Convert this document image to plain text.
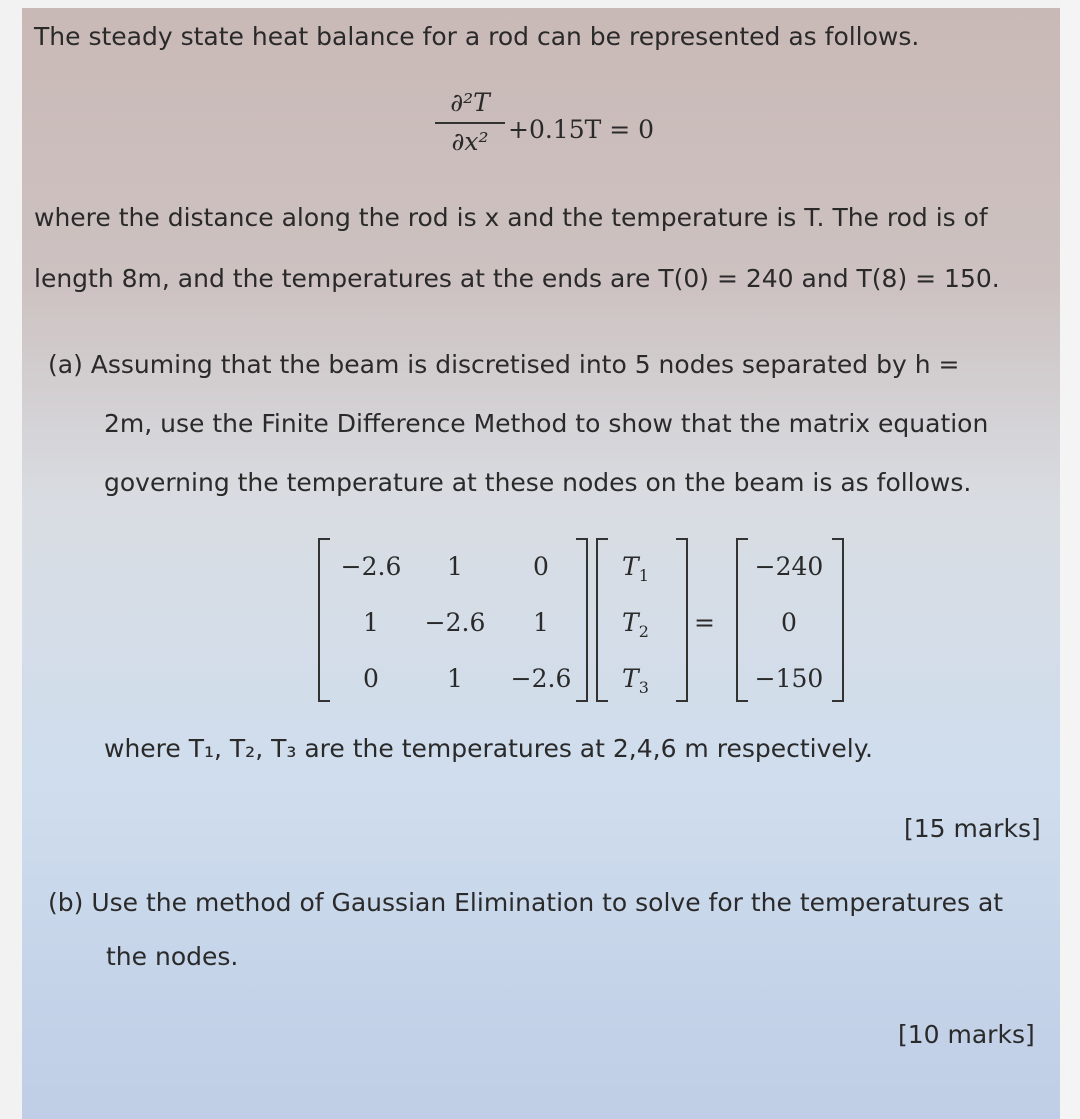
The steady state heat balance for a rod can be represented as follows.
∂²T
∂x² +0.15T = 0
where the distance along the rod is x and the temperature is T. The rod is of
length 8m, and the temperatures at the ends are T(0) = 240 and T(8) = 150.
(a) Assuming that the beam is discretised into 5 nodes separated by h =
2m, use the Finite Difference Method to show that the matrix equation
governing the temperature at these nodes on the beam is as follows.
−2.6	1	0
1	−2.6	1
0	1	−2.6
$T_1$
$T_2$
$T_3$
=
−240
0
−150
where T₁, T₂, T₃ are the temperatures at 2,4,6 m respectively.
[15 marks]
(b) Use the method of Gaussian Elimination to solve for the temperatures at
the nodes.
[10 marks]
